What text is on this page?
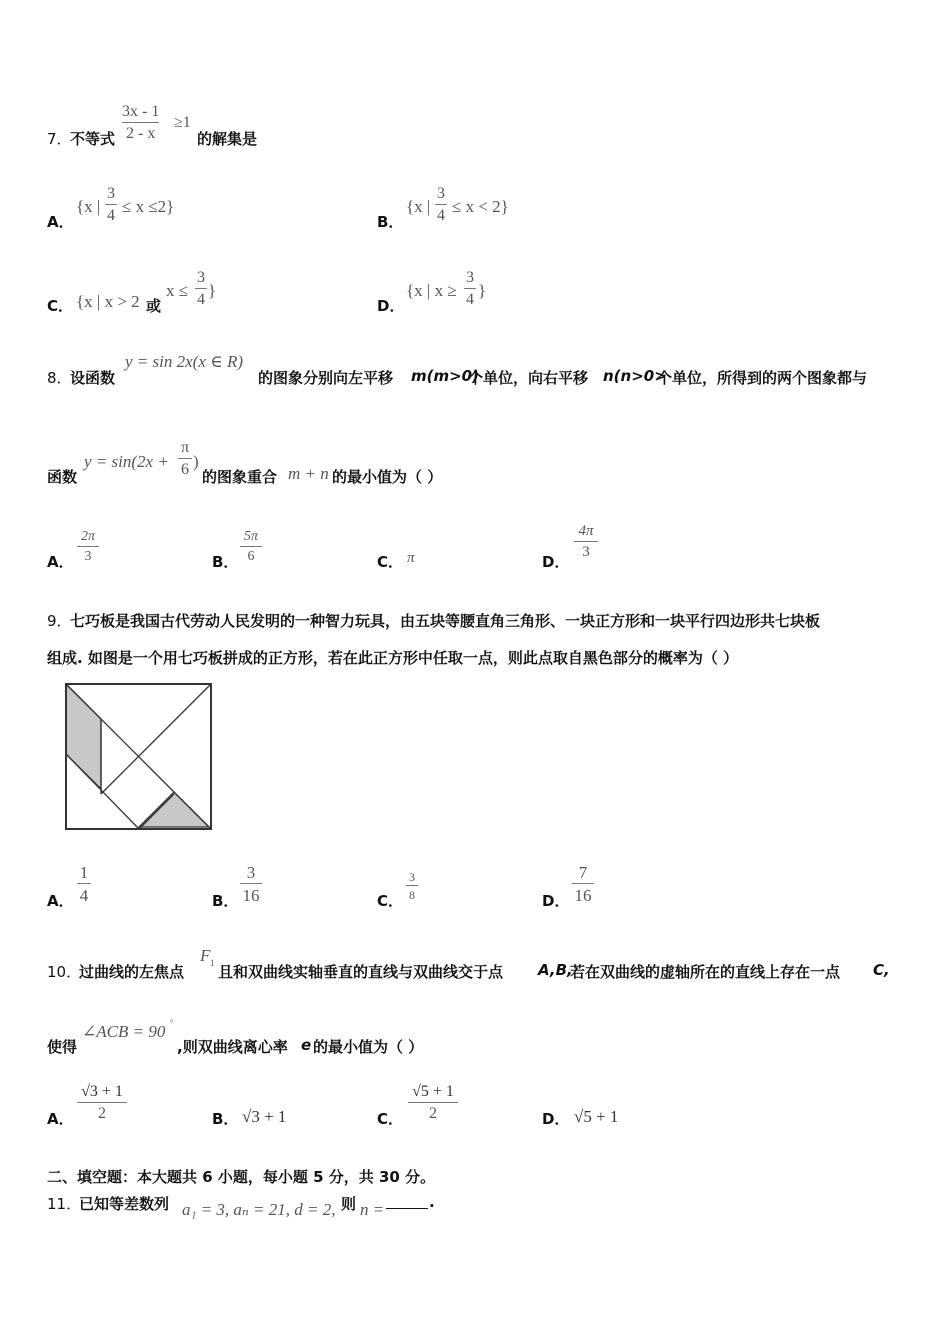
7．
不等式
3x - 1
2 - x
≥1
的解集是
A．
{x |
3
4 ≤ x ≤2}
B．
{x |
3
4 ≤ x < 2}
C． {x | x > 2 或
x ≤
3
4 }
D．
{x | x ≥
3
4 }
8．
设函数
y = sin 2x(x ∈ R)
的图象分别向左平移 m(m>0)
个单位，向右平移 n(n>0>
个单位，所得到的两个图象都与
函数
y = sin(2x +
π
6 )
的图象重合 m + n 的最小值为（ ）
A．
2π
3	B．
5π
6	C． π	D．
4π
3
9．
七巧板是我国古代劳动人民发明的一种智力玩具，由五块等腰直角三角形、一块正方形和一块平行四边形共七块板
组成. 如图是一个用七巧板拼成的正方形，若在此正方形中任取一点，则此点取自黑色部分的概率为（ ）
A．
1
4	B．
3
16	C．
3
8	D．
7
16
10．
过曲线的左焦点
F 1 且和双曲线实轴垂直的直线与双曲线交于点 A,B,
若在双曲线的虚轴所在的直线上存在一点 C,
使得
∠ACB = 90 °
,则双曲线离心率 e 的最小值为（ ）
A．
√3 + 1
2	B． √3 + 1	C．
√5 + 1
2	D． √5 + 1
二、填空题：本大题共 6 小题，每小题 5 分，共 30 分。
11．
已知等差数列 a₁ = 3, aₙ = 21, d = 2, 则 n =	.
